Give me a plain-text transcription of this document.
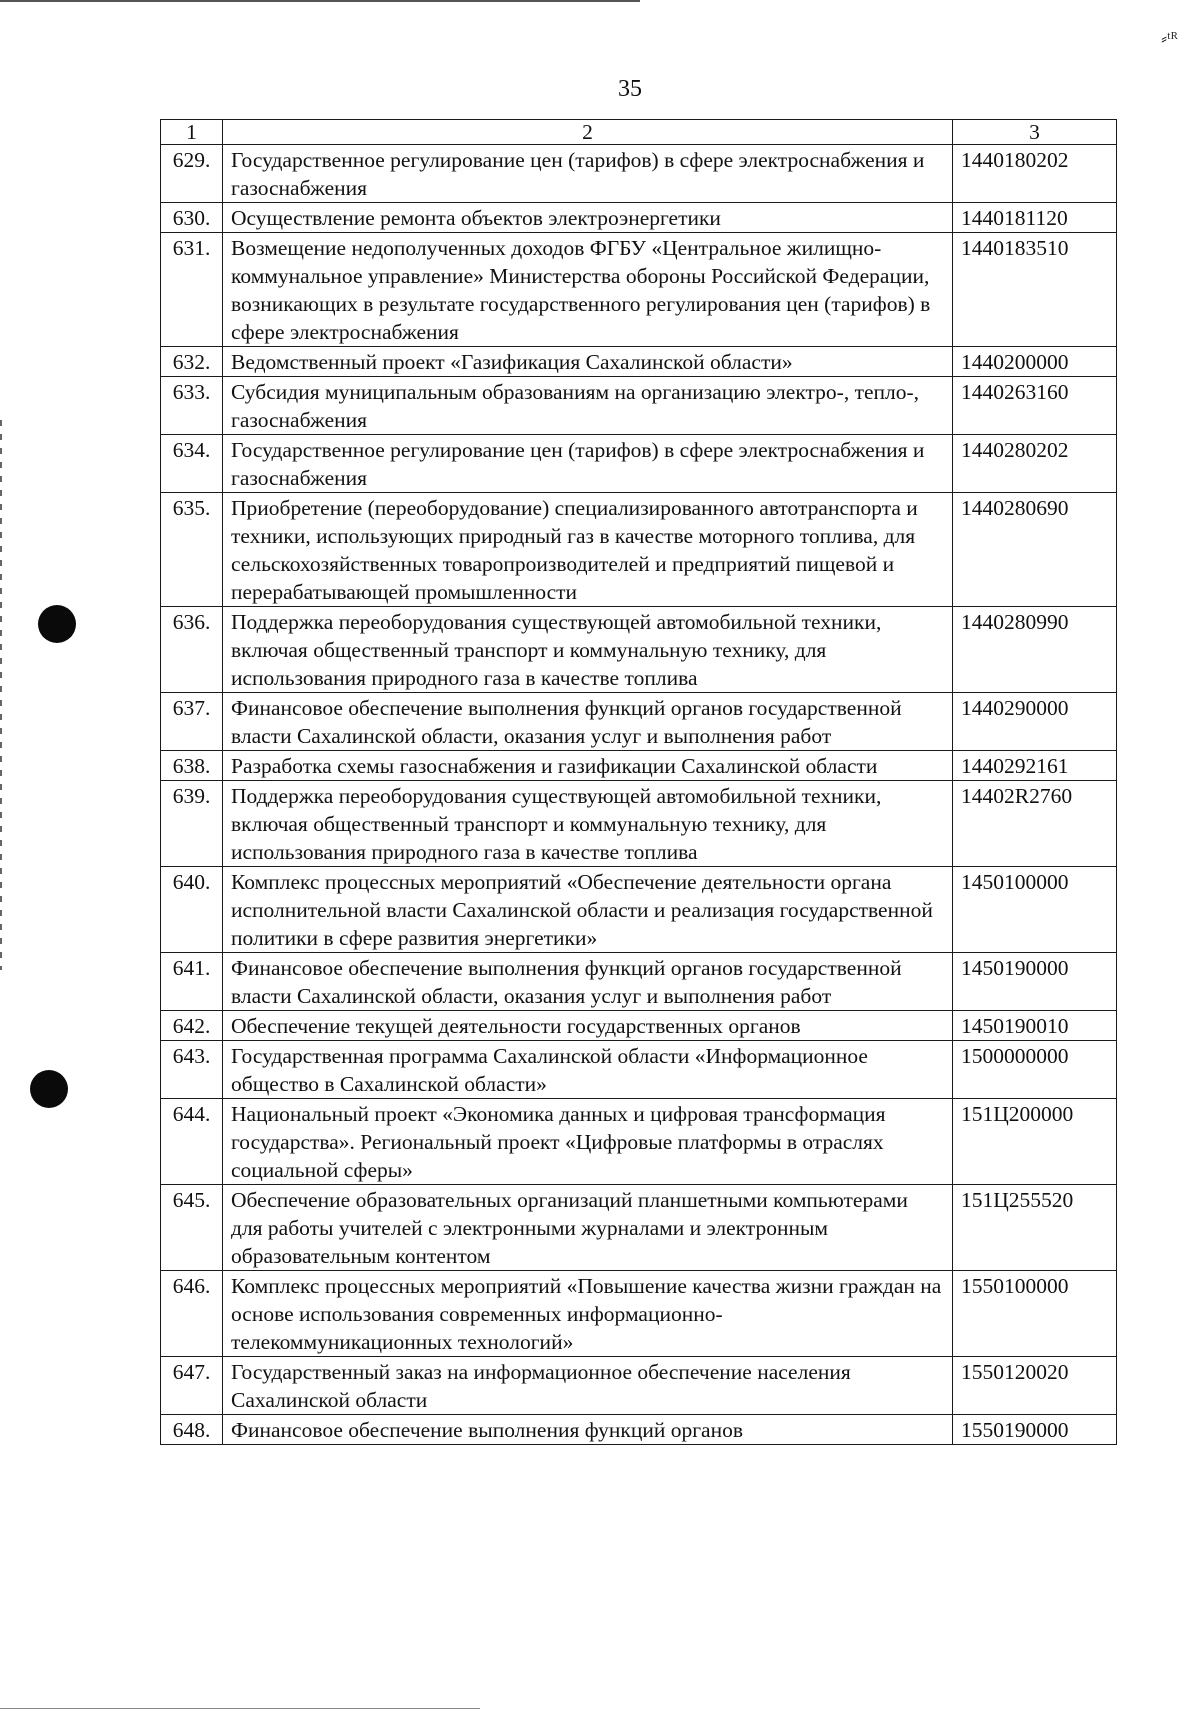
⸗ᵗᴿ
35
1	2	3
629.	Государственное регулирование цен (тарифов) в сфере электроснабжения и газоснабжения	1440180202
630.	Осуществление ремонта объектов электроэнергетики	1440181120
631.	Возмещение недополученных доходов ФГБУ «Центральное жилищно-коммунальное управление» Министерства обороны Российской Федерации, возникающих в результате государственного регулирования цен (тарифов) в сфере электроснабжения	1440183510
632.	Ведомственный проект «Газификация Сахалинской области»	1440200000
633.	Субсидия муниципальным образованиям на организацию электро-, тепло-, газоснабжения	1440263160
634.	Государственное регулирование цен (тарифов) в сфере электроснабжения и газоснабжения	1440280202
635.	Приобретение (переоборудование) специализированного автотранспорта и техники, использующих природный газ в качестве моторного топлива, для сельскохозяйственных товаропроизводителей и предприятий пищевой и перерабатывающей промышленности	1440280690
636.	Поддержка переоборудования существующей автомобильной техники, включая общественный транспорт и коммунальную технику, для использования природного газа в качестве топлива	1440280990
637.	Финансовое обеспечение выполнения функций органов государственной власти Сахалинской области, оказания услуг и выполнения работ	1440290000
638.	Разработка схемы газоснабжения и газификации Сахалинской области	1440292161
639.	Поддержка переоборудования существующей автомобильной техники, включая общественный транспорт и коммунальную технику, для использования природного газа в качестве топлива	14402R2760
640.	Комплекс процессных мероприятий «Обеспечение деятельности органа исполнительной власти Сахалинской области и реализация государственной политики в сфере развития энергетики»	1450100000
641.	Финансовое обеспечение выполнения функций органов государственной власти Сахалинской области, оказания услуг и выполнения работ	1450190000
642.	Обеспечение текущей деятельности государственных органов	1450190010
643.	Государственная программа Сахалинской области «Информационное общество в Сахалинской области»	1500000000
644.	Национальный проект «Экономика данных и цифровая трансформация государства». Региональный проект «Цифровые платформы в отраслях социальной сферы»	151Ц200000
645.	Обеспечение образовательных организаций планшетными компьютерами для работы учителей с электронными журналами и электронным образовательным контентом	151Ц255520
646.	Комплекс процессных мероприятий «Повышение качества жизни граждан на основе использования современных информационно-телекоммуникационных технологий»	1550100000
647.	Государственный заказ на информационное обеспечение населения Сахалинской области	1550120020
648.	Финансовое обеспечение выполнения функций органов	1550190000
